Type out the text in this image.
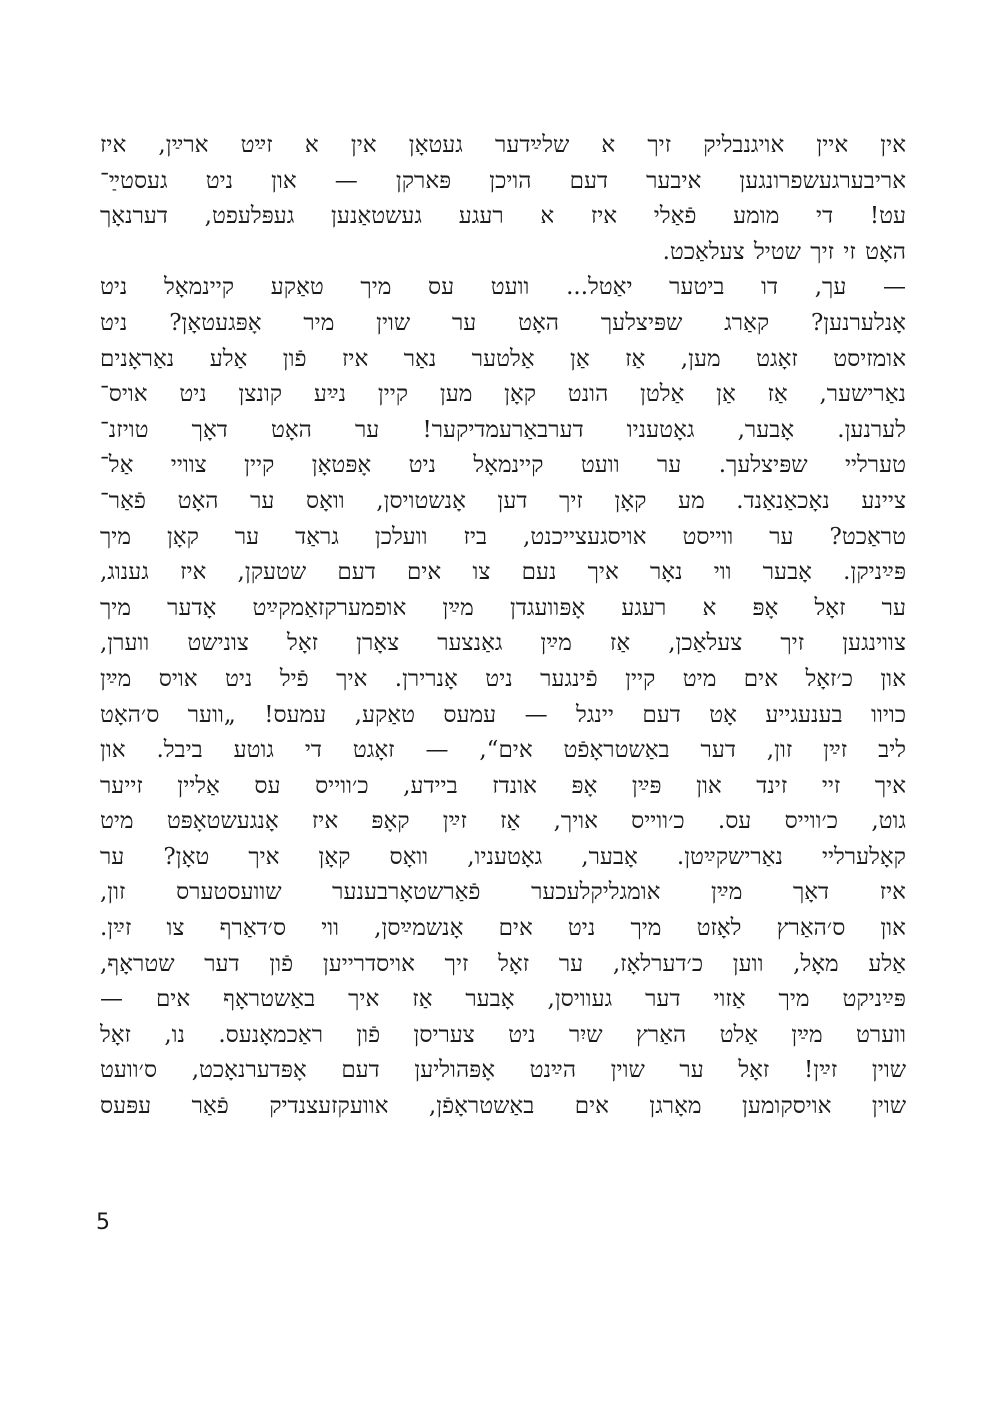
אין איין אויגנבליק זיך א שלײַדער געטאָן אין א זײַט ארײַן, איז
אריבערגעשפרונגען איבער דעם הויכן פּארקן — און ניט געסטײַ־
עט! די מומע פֿאַלי איז א רעגע געשטאַנען געפּלעפט, דערנאָך
האָט זי זיך שטיל צעלאַכט.
— עך, דו ביטער יאַטל... וועט עס מיך טאַקע קיינמאָל ניט
אָנלערנען? קאַרג שפּיצלעך האָט ער שוין מיר אָפּגעטאָן? ניט
אומזיסט זאָגט מען, אַז אַן אַלטער נאַר איז פֿון אַלע נאַראָנים
נאַרישער, אַז אַן אַלטן הונט קאָן מען קיין נײַע קונצן ניט אויס־
לערנען. אָבער, גאָטעניו דערבאַרעמדיקער! ער האָט דאָך טויזנ־
טערליי שפּיצלעך. ער וועט קיינמאָל ניט אָפּטאָן קיין צוויי אַל־
ציינע נאָכאַנאַנד. מע קאָן זיך דען אָנשטויסן, וואָס ער האָט פֿאַר־
טראַכט? ער ווייסט אויסגעצייכנט, ביז וועלכן גראַד ער קאָן מיך
פּײַניקן. אָבער ווי נאָר איך נעם צו אים דעם שטעקן, איז גענוג,
ער זאָל אָפּ א רעגע אָפּוועגדן מײַן אופמערקזאַמקײַט אָדער מיך
צווינגען זיך צעלאַכן, אַז מײַן גאַנצער צאָרן זאָל צונישט ווערן,
און כ׳זאָל אים מיט קיין פֿינגער ניט אָנרירן. איך פֿיל ניט אויס מײַן
כויוו בענעגייע אָט דעם יינגל — עמעס טאַקע, עמעס! „ווער ס׳האָט
ליב זײַן זון, דער באַשטראָפֿט אים“, — זאָגט די גוטע ביבל. און
איך זיי זינד און פּײַן אָפּ אונדז ביידע, כ׳ווייס עס אַליין זייער
גוט, כ׳ווייס עס. כ׳ווייס אויך, אַז זײַן קאָפּ איז אָנגעשטאָפּט מיט
קאָלערליי נאַרישקײַטן. אָבער, גאָטעניו, וואָס קאָן איך טאָן? ער
איז דאָך מײַן אומגליקלעכער פֿאַרשטאָרבענער שוועסטערס זון,
און ס׳האַרץ לאָזט מיך ניט אים אָנשמײַסן, ווי ס׳דאַרף צו זײַן.
אַלע מאָל, ווען כ׳דערלאָז, ער זאָל זיך אויסדרייען פֿון דער שטראָף,
פּײַניקט מיך אַזוי דער געוויסן, אָבער אַז איך באַשטראָף אים —
ווערט מײַן אַלט האַרץ שיִר ניט צעריסן פֿון ראַכמאָנעס. נו, זאָל
שוין זײַן! זאָל ער שוין הײַנט אָפּהוליען דעם אָפּדערנאָכט, ס׳וועט
שוין אויסקומען מאָרגן אים באַשטראָפֿן, אוועקזעצנדיק פֿאַר עפּעס
5
